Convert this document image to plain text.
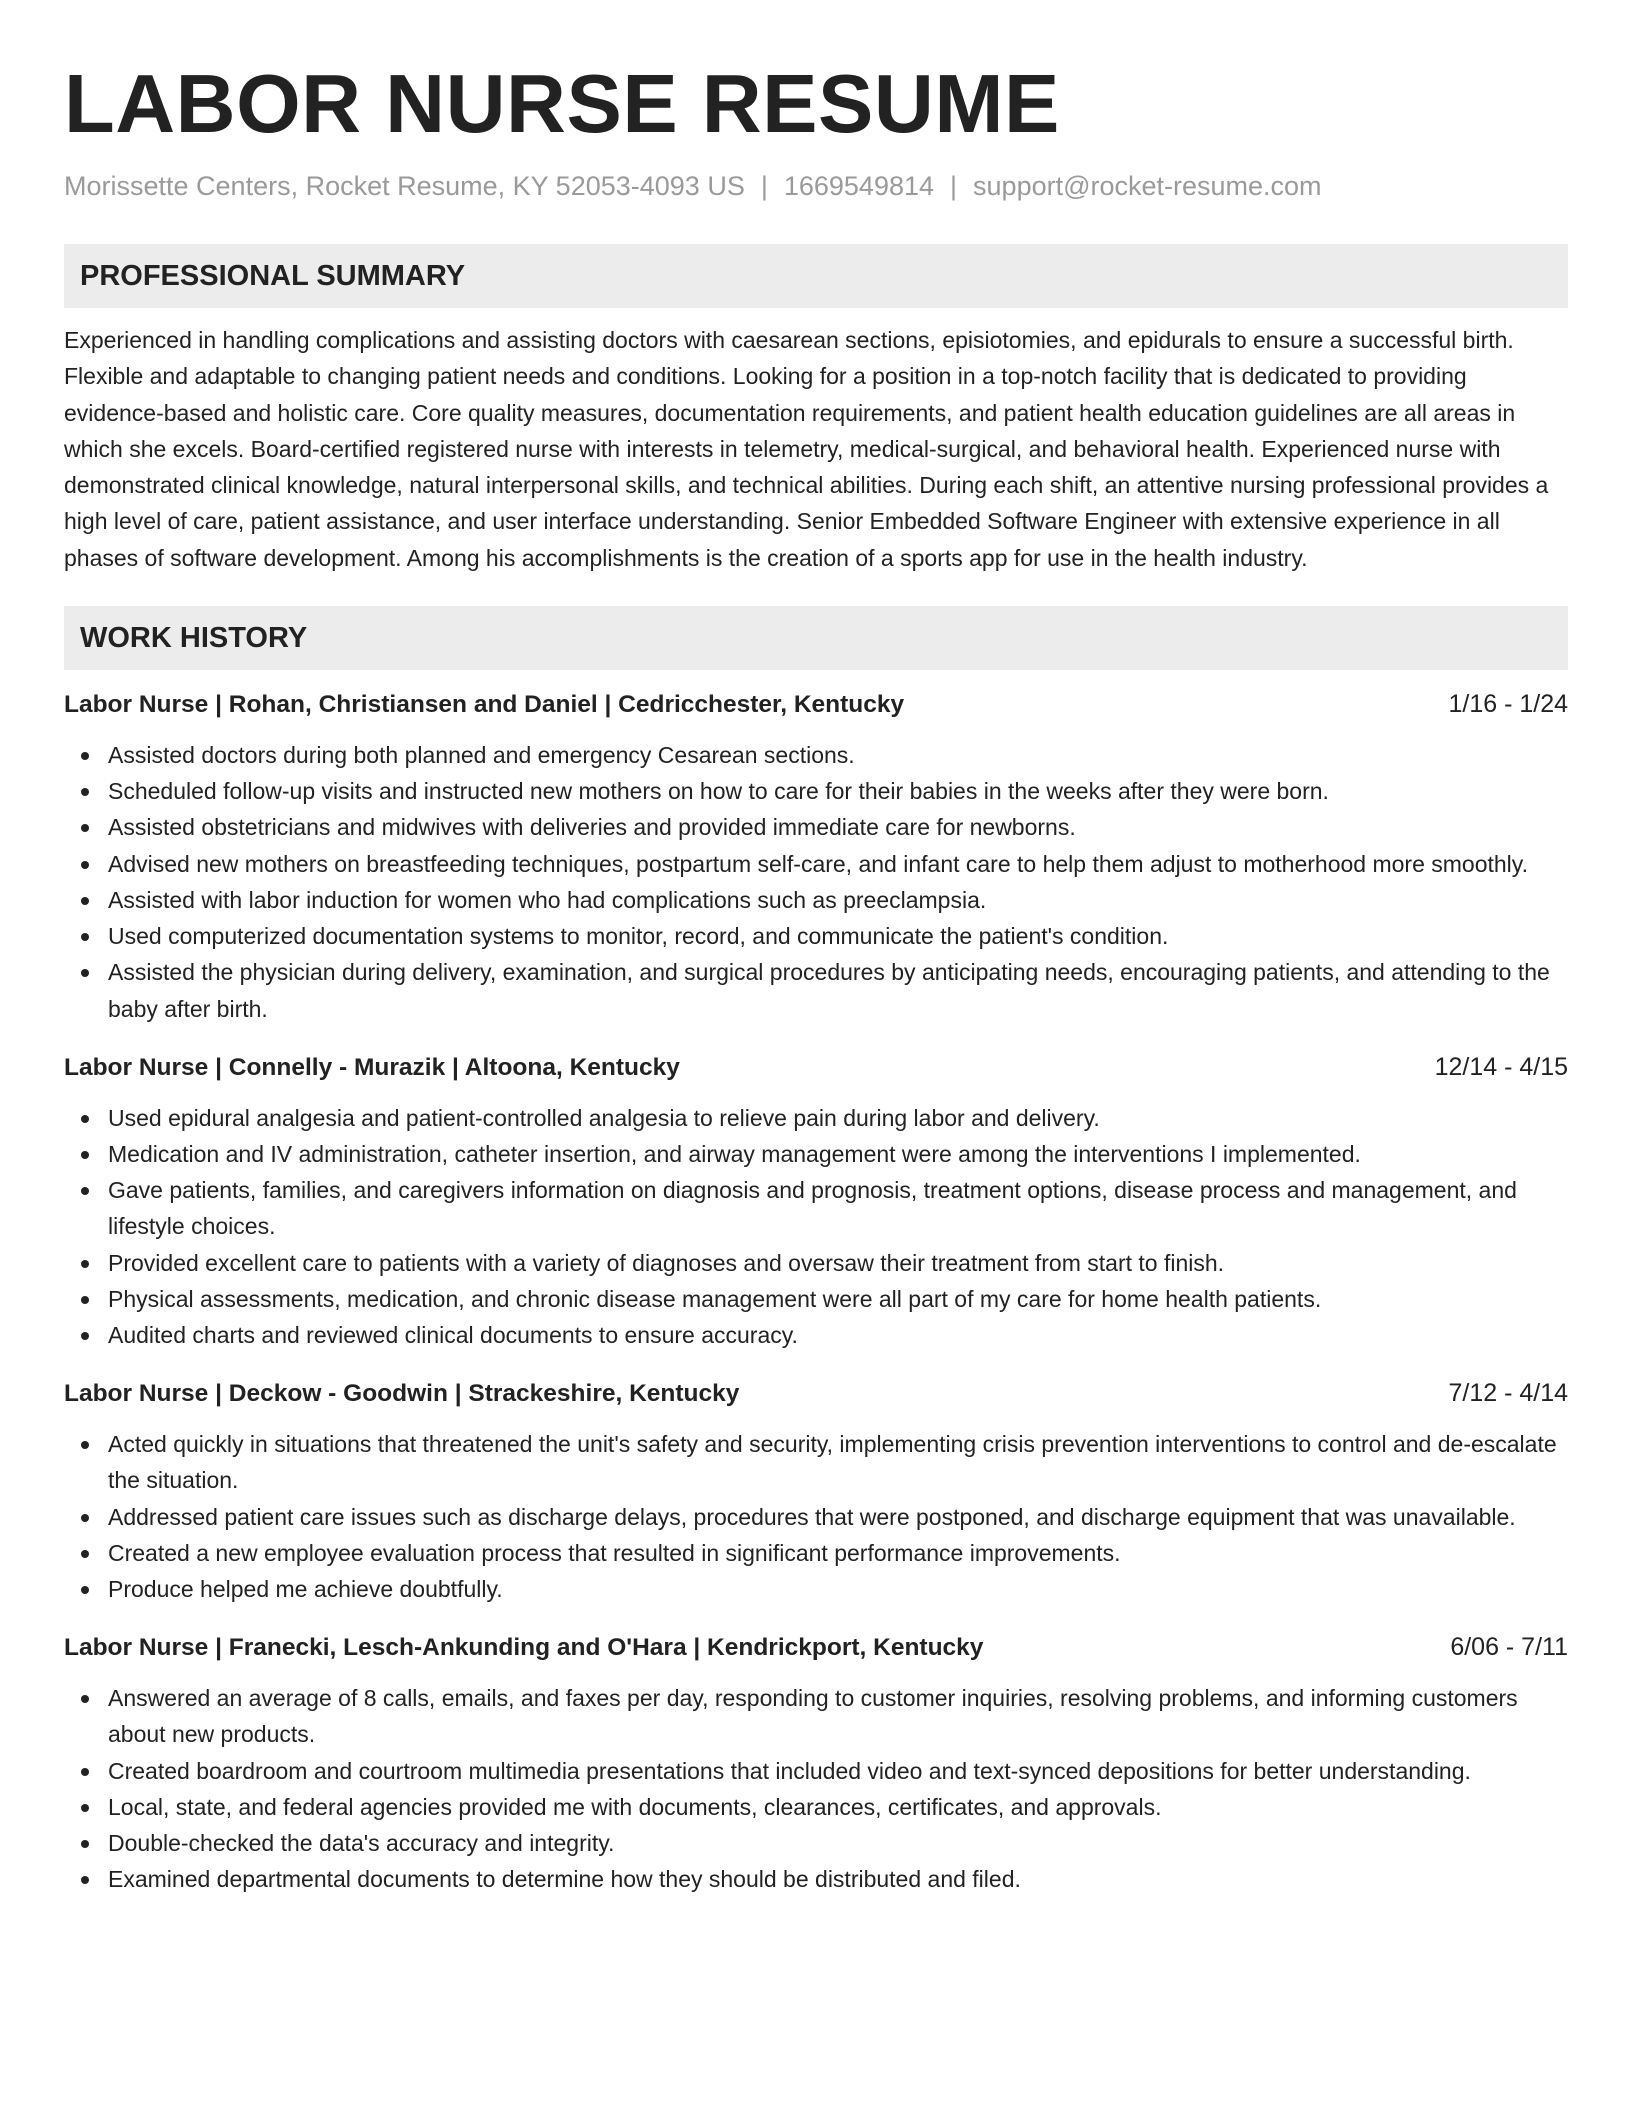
LABOR NURSE RESUME
Morissette Centers, Rocket Resume, KY 52053-4093 US | 1669549814 | support@rocket-resume.com
PROFESSIONAL SUMMARY
Experienced in handling complications and assisting doctors with caesarean sections, episiotomies, and epidurals to ensure a successful birth. Flexible and adaptable to changing patient needs and conditions. Looking for a position in a top-notch facility that is dedicated to providing evidence-based and holistic care. Core quality measures, documentation requirements, and patient health education guidelines are all areas in which she excels. Board-certified registered nurse with interests in telemetry, medical-surgical, and behavioral health. Experienced nurse with demonstrated clinical knowledge, natural interpersonal skills, and technical abilities. During each shift, an attentive nursing professional provides a high level of care, patient assistance, and user interface understanding. Senior Embedded Software Engineer with extensive experience in all phases of software development. Among his accomplishments is the creation of a sports app for use in the health industry.
WORK HISTORY
Labor Nurse | Rohan, Christiansen and Daniel | Cedricchester, Kentucky	1/16 - 1/24
Assisted doctors during both planned and emergency Cesarean sections.
Scheduled follow-up visits and instructed new mothers on how to care for their babies in the weeks after they were born.
Assisted obstetricians and midwives with deliveries and provided immediate care for newborns.
Advised new mothers on breastfeeding techniques, postpartum self-care, and infant care to help them adjust to motherhood more smoothly.
Assisted with labor induction for women who had complications such as preeclampsia.
Used computerized documentation systems to monitor, record, and communicate the patient's condition.
Assisted the physician during delivery, examination, and surgical procedures by anticipating needs, encouraging patients, and attending to the baby after birth.
Labor Nurse | Connelly - Murazik | Altoona, Kentucky	12/14 - 4/15
Used epidural analgesia and patient-controlled analgesia to relieve pain during labor and delivery.
Medication and IV administration, catheter insertion, and airway management were among the interventions I implemented.
Gave patients, families, and caregivers information on diagnosis and prognosis, treatment options, disease process and management, and lifestyle choices.
Provided excellent care to patients with a variety of diagnoses and oversaw their treatment from start to finish.
Physical assessments, medication, and chronic disease management were all part of my care for home health patients.
Audited charts and reviewed clinical documents to ensure accuracy.
Labor Nurse | Deckow - Goodwin | Strackeshire, Kentucky	7/12 - 4/14
Acted quickly in situations that threatened the unit's safety and security, implementing crisis prevention interventions to control and de-escalate the situation.
Addressed patient care issues such as discharge delays, procedures that were postponed, and discharge equipment that was unavailable.
Created a new employee evaluation process that resulted in significant performance improvements.
Produce helped me achieve doubtfully.
Labor Nurse | Franecki, Lesch-Ankunding and O'Hara | Kendrickport, Kentucky	6/06 - 7/11
Answered an average of 8 calls, emails, and faxes per day, responding to customer inquiries, resolving problems, and informing customers about new products.
Created boardroom and courtroom multimedia presentations that included video and text-synced depositions for better understanding.
Local, state, and federal agencies provided me with documents, clearances, certificates, and approvals.
Double-checked the data's accuracy and integrity.
Examined departmental documents to determine how they should be distributed and filed.
